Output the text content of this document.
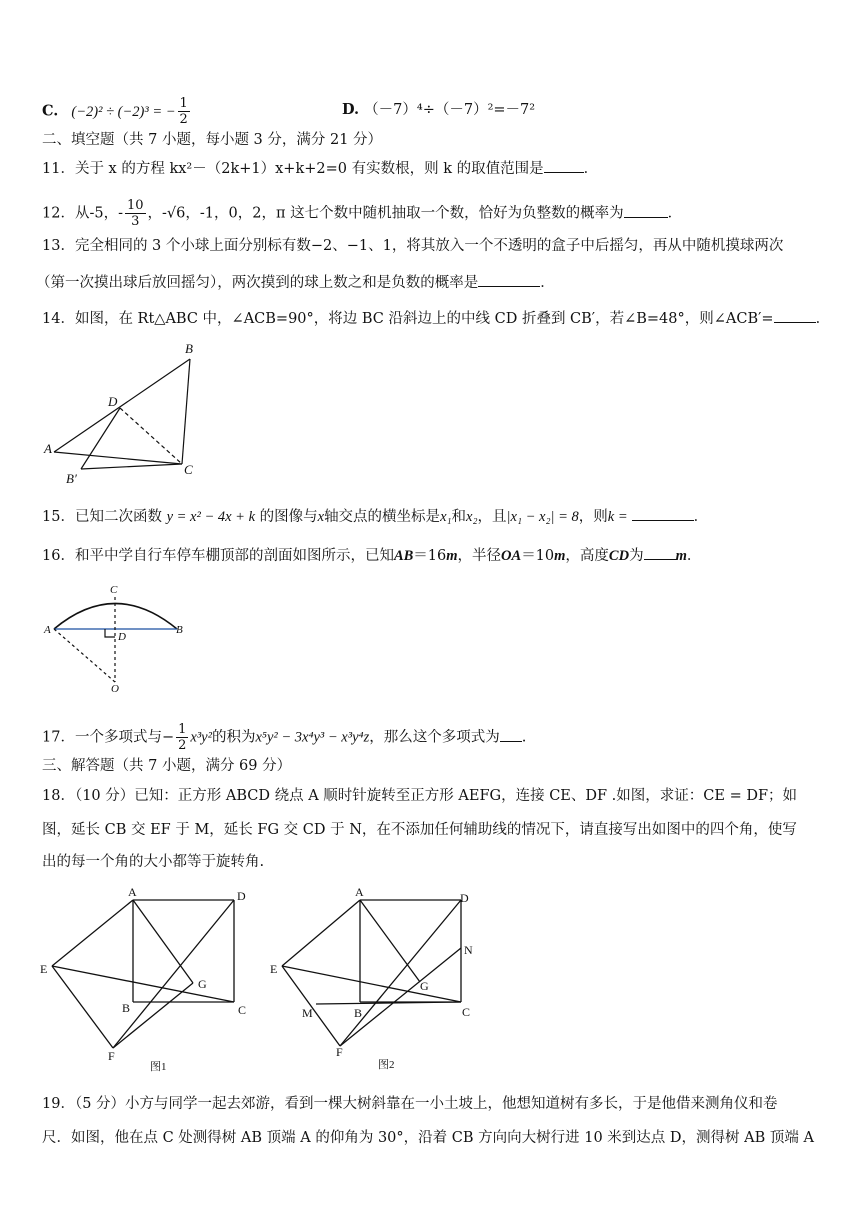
C. (−2)² ÷ (−2)³ = − $\frac{1}{2}$	D. （－7）⁴÷（－7）²=－7²
二、填空题（共 7 小题，每小题 3 分，满分 21 分）
11．关于 x 的方程 kx²－（2k+1）x+k+2=0 有实数根，则 k 的取值范围是	．
12．从-5，- $\frac{10}{3}$ ，-√6，-1，0，2，π 这七个数中随机抽取一个数，恰好为负整数的概率为	．
13．完全相同的 3 个小球上面分别标有数−2、−1、1，将其放入一个不透明的盒子中后摇匀，再从中随机摸球两次
（第一次摸出球后放回摇匀），两次摸到的球上数之和是负数的概率是	．
14．如图，在 Rt△ABC 中，∠ACB=90°，将边 BC 沿斜边上的中线 CD 折叠到 CB′，若∠B=48°，则∠ACB′=	．
B
D
A
B′
C
15．已知二次函数 y = x² − 4x + k 的图像与x轴交点的横坐标是x₁和x₂，且|x₁ − x₂| = 8，则k =	．
16．和平中学自行车停车棚顶部的剖面如图所示，已知AB＝16m，半径OA＝10m，高度CD为 m．
C
A
D
B
O
17．一个多项式与− $\frac{1}{2} x^3y^2$的积为x⁵y² − 3x⁴y³ − x³y⁴z，那么这个多项式为 .
三、解答题（共 7 小题，满分 69 分）
18．（10 分）已知：正方形 ABCD 绕点 A 顺时针旋转至正方形 AEFG，连接 CE、DF .如图，求证：CE = DF；如
图，延长 CB 交 EF 于 M，延长 FG 交 CD 于 N，在不添加任何辅助线的情况下，请直接写出如图中的四个角，使写
出的每一个角的大小都等于旋转角.
A	D
E
G
B	C
F
图1
A	D
N
E
G
M	B	C
F
图2
19．（5 分）小方与同学一起去郊游，看到一棵大树斜靠在一小土坡上，他想知道树有多长，于是他借来测角仪和卷
尺．如图，他在点 C 处测得树 AB 顶端 A 的仰角为 30°，沿着 CB 方向向大树行进 10 米到达点 D，测得树 AB 顶端 A
